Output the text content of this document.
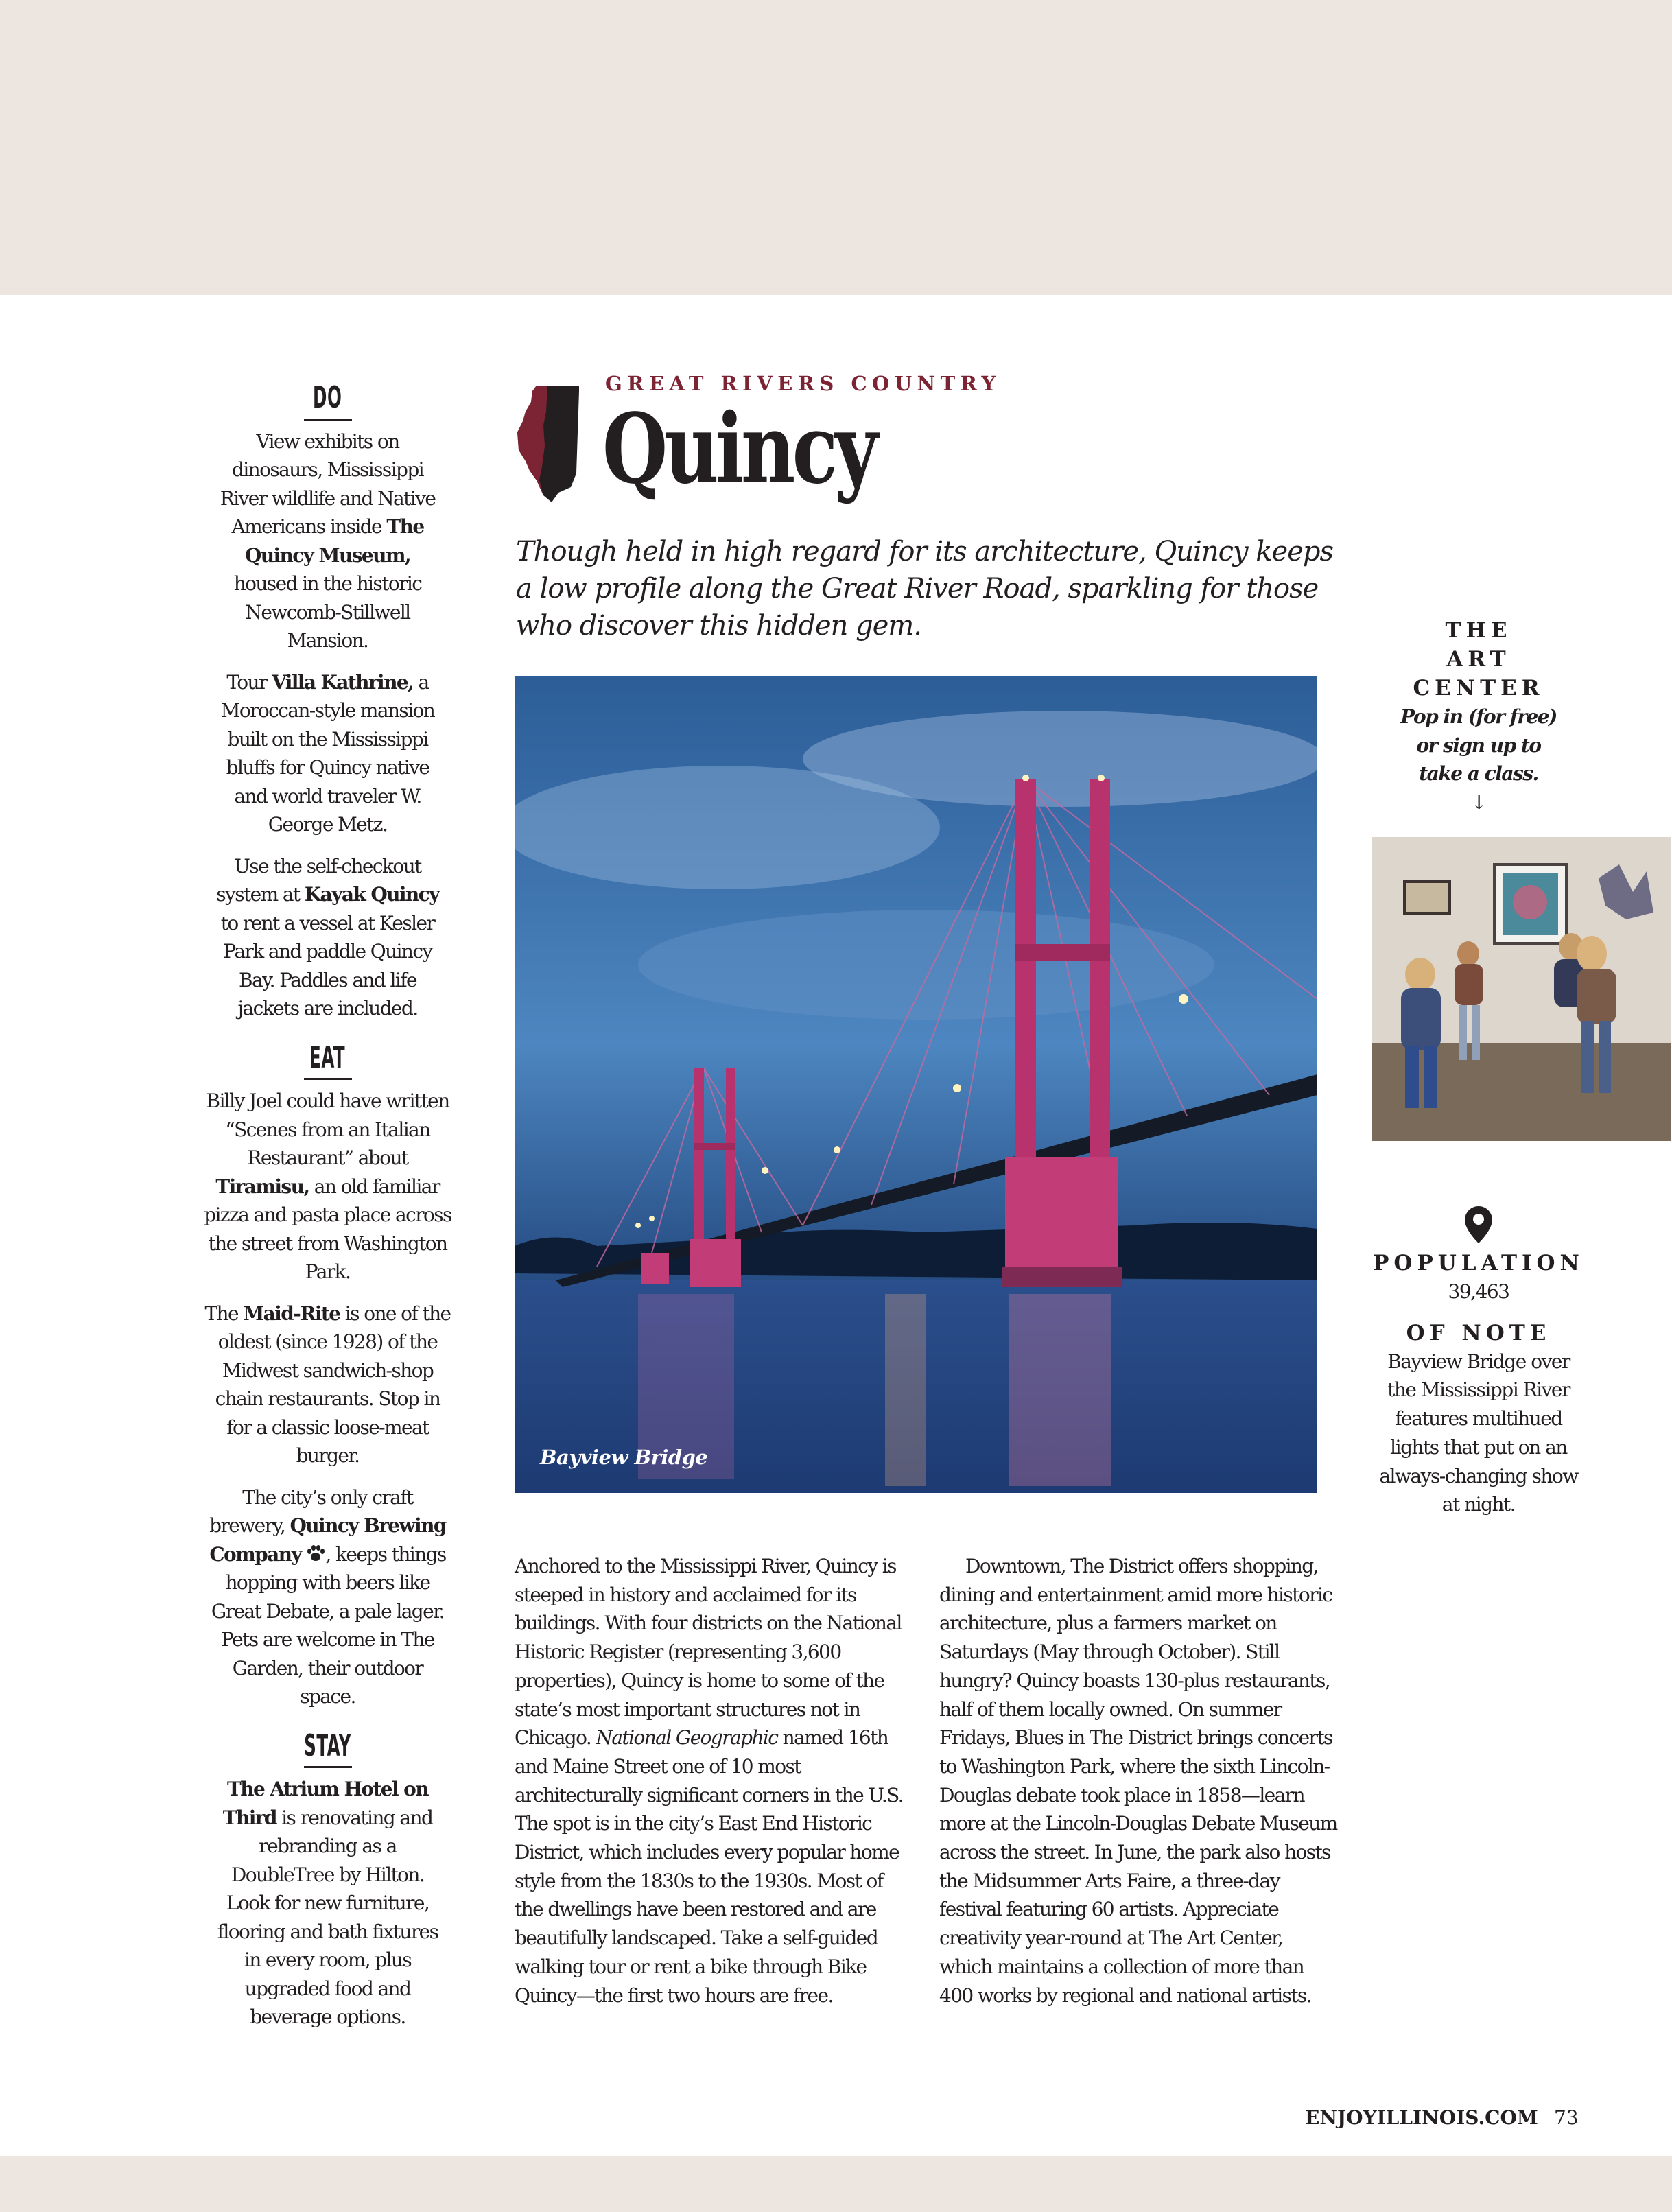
DO

View exhibits on dinosaurs, Mississippi River wildlife and Native Americans inside The Quincy Museum, housed in the historic Newcomb-Stillwell Mansion.

Tour Villa Kathrine, a Moroccan-style mansion built on the Mississippi bluffs for Quincy native and world traveler W. George Metz.

Use the self-checkout system at Kayak Quincy to rent a vessel at Kesler Park and paddle Quincy Bay. Paddles and life jackets are included.

EAT

Billy Joel could have written “Scenes from an Italian Restaurant” about Tiramisu, an old familiar pizza and pasta place across the street from Washington Park.

The Maid-Rite is one of the oldest (since 1928) of the Midwest sandwich-shop chain restaurants. Stop in for a classic loose-meat burger.

The city’s only craft brewery, Quincy Brewing Company , keeps things hopping with beers like Great Debate, a pale lager. Pets are welcome in The Garden, their outdoor space.

STAY

The Atrium Hotel on Third is renovating and rebranding as a DoubleTree by Hilton. Look for new furniture, flooring and bath fixtures in every room, plus upgraded food and beverage options.

GREAT RIVERS COUNTRY
Quincy
Though held in high regard for its architecture, Quincy keeps a low profile along the Great River Road, sparkling for those who discover this hidden gem.
Bayview Bridge
Anchored to the Mississippi River, Quincy is steeped in history and acclaimed for its buildings. With four districts on the National Historic Register (representing 3,600 properties), Quincy is home to some of the state’s most important structures not in Chicago. National Geographic named 16th and Maine Street one of 10 most architecturally significant corners in the U.S. The spot is in the city’s East End Historic District, which includes every popular home style from the 1830s to the 1930s. Most of the dwellings have been restored and are beautifully landscaped. Take a self-guided walking tour or rent a bike through Bike Quincy—the first two hours are free.
Downtown, The District offers shopping, dining and entertainment amid more historic architecture, plus a farmers market on Saturdays (May through October). Still hungry? Quincy boasts 130-plus restaurants, half of them locally owned. On summer Fridays, Blues in The District brings concerts to Washington Park, where the sixth Lincoln-Douglas debate took place in 1858—learn more at the Lincoln-Douglas Debate Museum across the street. In June, the park also hosts the Midsummer Arts Faire, a three-day festival featuring 60 artists. Appreciate creativity year-round at The Art Center, which maintains a collection of more than 400 works by regional and national artists.
THE ART CENTER
Pop in (for free) or sign up to take a class.
↓
POPULATION
39,463
OF NOTE
Bayview Bridge over the Mississippi River features multihued lights that put on an always-changing show at night.
ENJOYILLINOIS.COM 73
